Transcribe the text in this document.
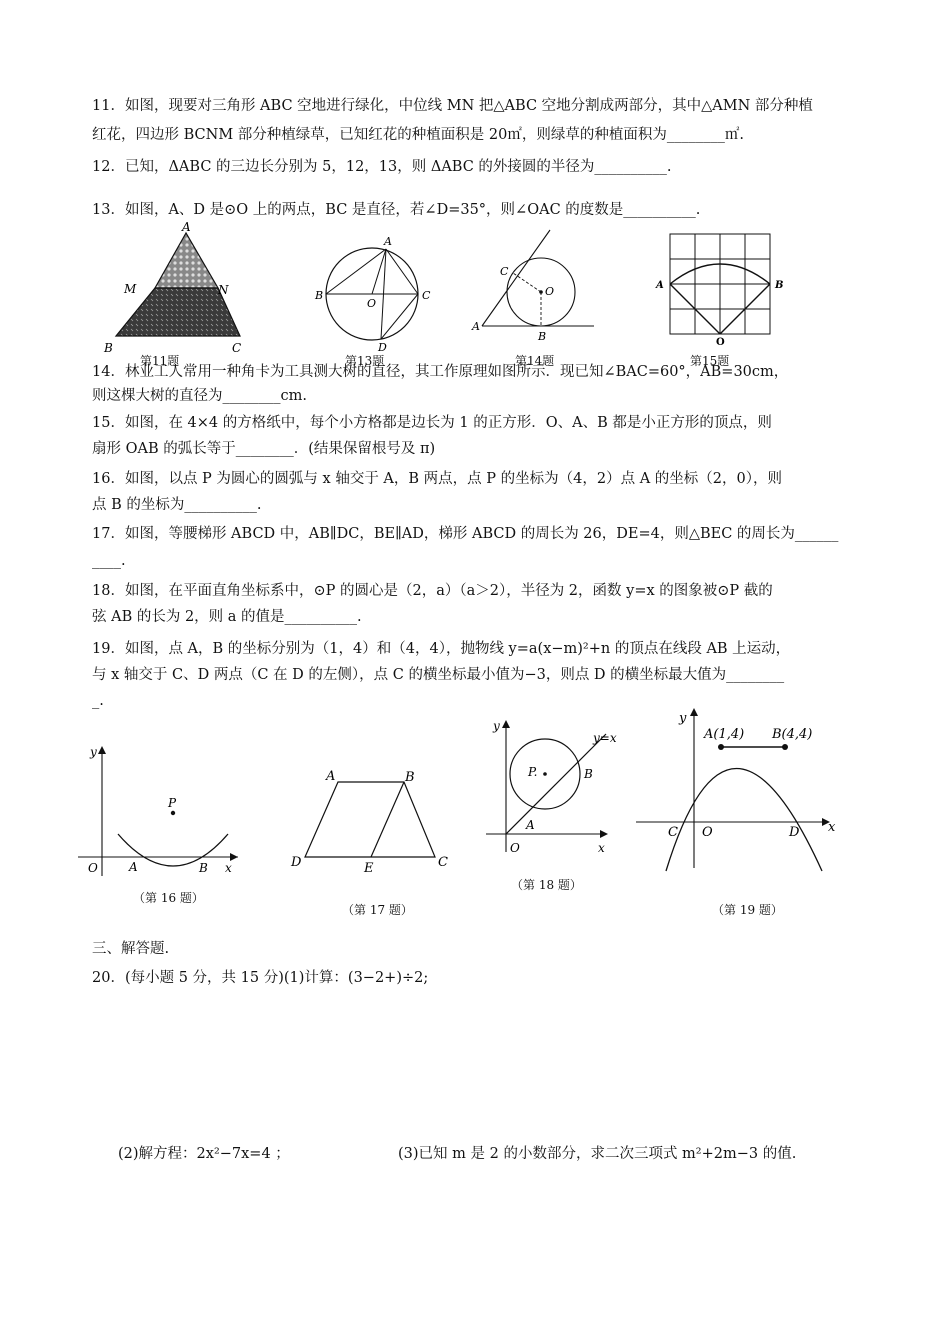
11．如图，现要对三角形 ABC 空地进行绿化，中位线 MN 把△ABC 空地分割成两部分，其中△AMN 部分种植
红花，四边形 BCNM 部分种植绿草，已知红花的种植面积是 20㎡，则绿草的种植面积为________㎡.
12．已知，ΔABC 的三边长分别为 5，12，13，则 ΔABC 的外接圆的半径为__________.
13．如图，A、D 是⊙O 上的两点，BC 是直径，若∠D=35°，则∠OAC 的度数是__________.
A
M	N
B	C
A
B	C
O
D
C
A
B
O	A	B
O
第11题	第13题	第14题	第15题
14．林业工人常用一种角卡为工具测大树的直径，其工作原理如图所示．现已知∠BAC=60°，AB=30cm，
则这棵大树的直径为________cm.
15．如图，在 4×4 的方格纸中，每个小方格都是边长为 1 的正方形．O、A、B 都是小正方形的顶点，则
扇形 OAB 的弧长等于________．(结果保留根号及 π)
16．如图，以点 P 为圆心的圆弧与 x 轴交于 A，B 两点，点 P 的坐标为（4，2）点 A 的坐标（2，0），则
点 B 的坐标为__________.
17．如图，等腰梯形 ABCD 中，AB∥DC，BE∥AD，梯形 ABCD 的周长为 26，DE=4，则△BEC 的周长为______
____.
18．如图，在平面直角坐标系中，⊙P 的圆心是（2，a）（a＞2），半径为 2，函数 y=x 的图象被⊙P 截的
弦 AB 的长为 2，则 a 的值是__________.
19．如图，点 A，B 的坐标分别为（1，4）和（4，4），抛物线 y=a(x−m)²+n 的顶点在线段 AB 上运动，
与 x 轴交于 C、D 两点（C 在 D 的左侧），点 C 的横坐标最小值为−3，则点 D 的横坐标最大值为________
_.
y
x
O	A	B
P
（第 16 题）
A	B
C
D	E
（第 17 题）
y
x
O
A
B
P.
y=x
（第 18 题）
y
x
O
C	D
A(1,4) B(4,4)
（第 19 题）
三、解答题.
20．(每小题 5 分，共 15 分)(1)计算：(3−2+)÷2;
(2)解方程：2x²−7x=4 ；	(3)已知 m 是 2 的小数部分，求二次三项式 m²+2m−3 的值.
